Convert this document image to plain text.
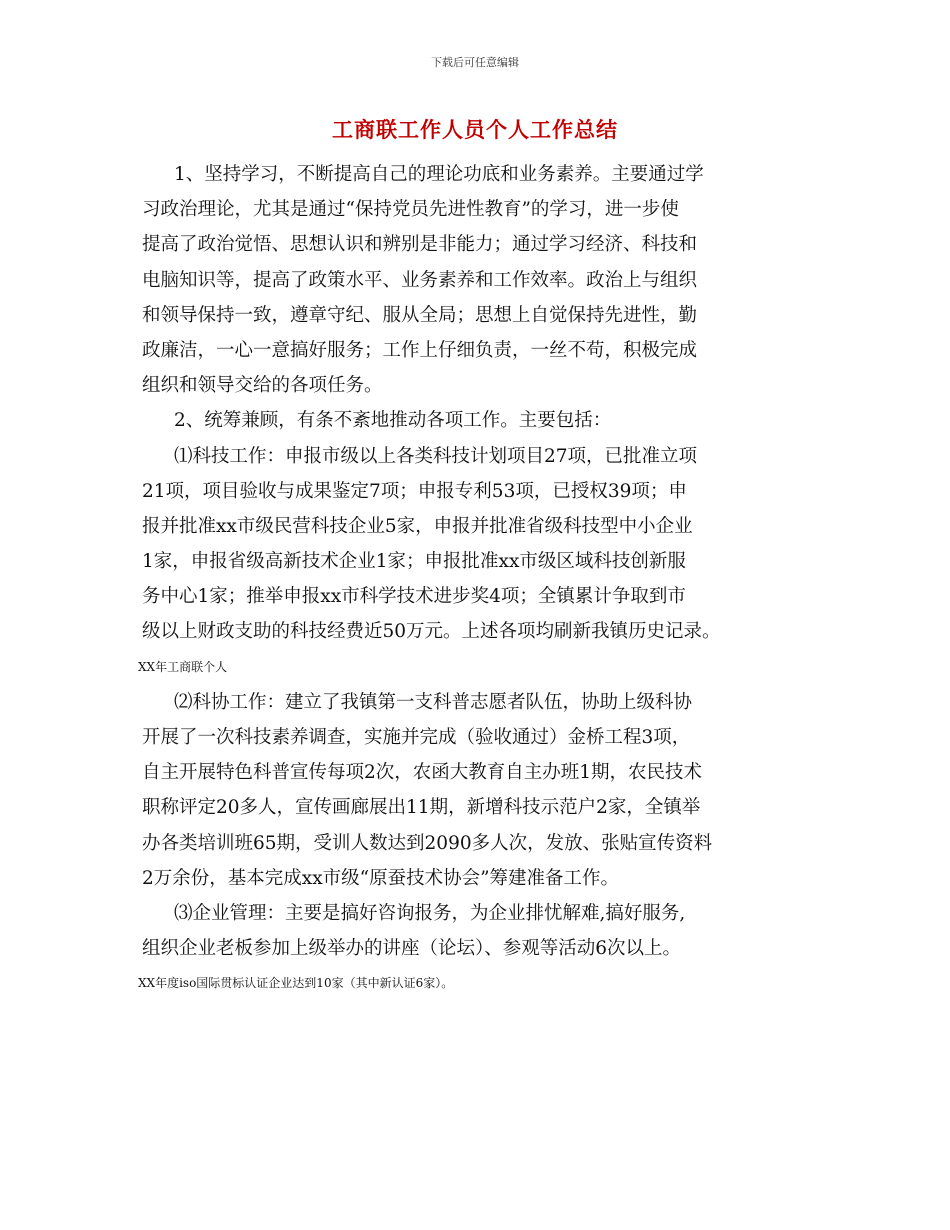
下载后可任意编辑
工商联工作人员个人工作总结
1、坚持学习，不断提高自己的理论功底和业务素养。主要通过学
习政治理论，尤其是通过“保持党员先进性教育”的学习，进一步使
提高了政治觉悟、思想认识和辨别是非能力；通过学习经济、科技和
电脑知识等，提高了政策水平、业务素养和工作效率。政治上与组织
和领导保持一致，遵章守纪、服从全局；思想上自觉保持先进性，勤
政廉洁，一心一意搞好服务；工作上仔细负责，一丝不苟，积极完成
组织和领导交给的各项任务。
2、统筹兼顾，有条不紊地推动各项工作。主要包括：
⑴科技工作：申报市级以上各类科技计划项目27项，已批准立项
21项，项目验收与成果鉴定7项；申报专利53项，已授权39项；申
报并批准xx市级民营科技企业5家，申报并批准省级科技型中小企业
1家，申报省级高新技术企业1家；申报批准xx市级区域科技创新服
务中心1家；推举申报xx市科学技术进步奖4项；全镇累计争取到市
级以上财政支助的科技经费近50万元。上述各项均刷新我镇历史记录。
XX年工商联个人
⑵科协工作：建立了我镇第一支科普志愿者队伍，协助上级科协
开展了一次科技素养调查，实施并完成（验收通过）金桥工程3项，
自主开展特色科普宣传每项2次，农函大教育自主办班1期，农民技术
职称评定20多人，宣传画廊展出11期，新增科技示范户2家，全镇举
办各类培训班65期，受训人数达到2090多人次，发放、张贴宣传资料
2万余份，基本完成xx市级“原蚕技术协会”筹建准备工作。
⑶企业管理：主要是搞好咨询报务，为企业排忧解难,搞好服务,
组织企业老板参加上级举办的讲座（论坛）、参观等活动6次以上。
XX年度iso国际贯标认证企业达到10家（其中新认证6家）。
